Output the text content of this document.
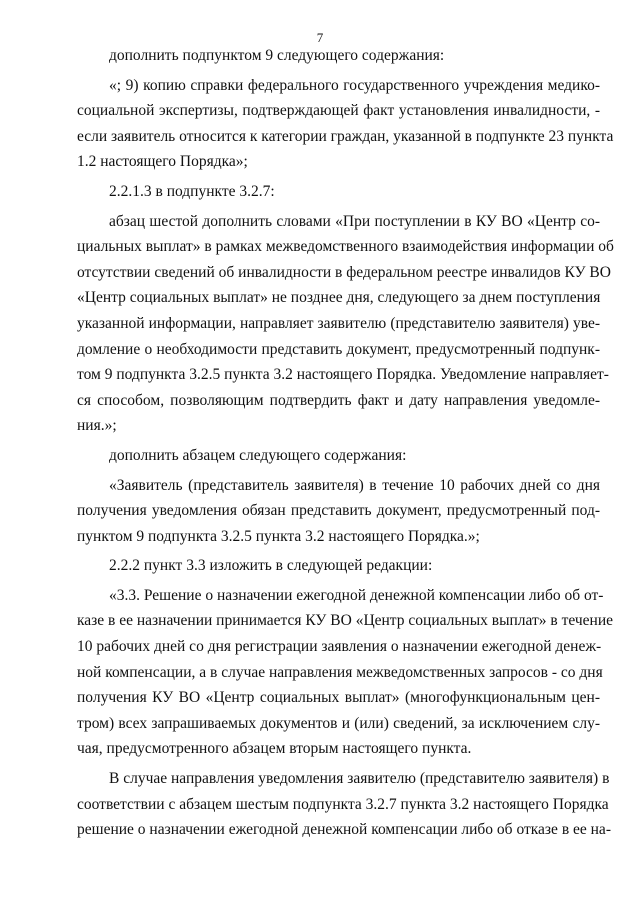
7
дополнить подпунктом 9 следующего содержания:
«; 9) копию справки федерального государственного учреждения медико-
социальной экспертизы, подтверждающей факт установления инвалидности, -
если заявитель относится к категории граждан, указанной в подпункте 23 пункта
1.2 настоящего Порядка»;
2.2.1.3 в подпункте 3.2.7:
абзац шестой дополнить словами «При поступлении в КУ ВО «Центр со-
циальных выплат» в рамках межведомственного взаимодействия информации об
отсутствии сведений об инвалидности в федеральном реестре инвалидов КУ ВО
«Центр социальных выплат» не позднее дня, следующего за днем поступления
указанной информации, направляет заявителю (представителю заявителя) уве-
домление о необходимости представить документ, предусмотренный подпунк-
том 9 подпункта 3.2.5 пункта 3.2 настоящего Порядка. Уведомление направляет-
ся способом, позволяющим подтвердить факт и дату направления уведомле-
ния.»;
дополнить абзацем следующего содержания:
«Заявитель (представитель заявителя) в течение 10 рабочих дней со дня
получения уведомления обязан представить документ, предусмотренный под-
пунктом 9 подпункта 3.2.5 пункта 3.2 настоящего Порядка.»;
2.2.2 пункт 3.3 изложить в следующей редакции:
«3.3. Решение о назначении ежегодной денежной компенсации либо об от-
казе в ее назначении принимается КУ ВО «Центр социальных выплат» в течение
10 рабочих дней со дня регистрации заявления о назначении ежегодной денеж-
ной компенсации, а в случае направления межведомственных запросов - со дня
получения КУ ВО «Центр социальных выплат» (многофункциональным цен-
тром) всех запрашиваемых документов и (или) сведений, за исключением слу-
чая, предусмотренного абзацем вторым настоящего пункта.
В случае направления уведомления заявителю (представителю заявителя) в
соответствии с абзацем шестым подпункта 3.2.7 пункта 3.2 настоящего Порядка
решение о назначении ежегодной денежной компенсации либо об отказе в ее на-
